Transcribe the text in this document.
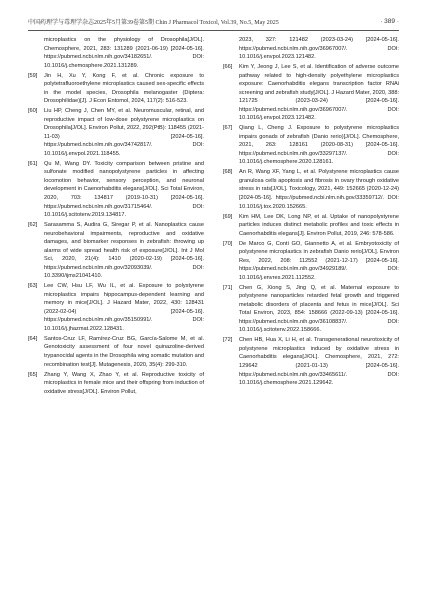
中国药理学与毒理学杂志2025年5月第39卷第5期 Chin J Pharmacol Toxicol, Vol.39, No.5, May 2025	· 389 ·
microplastics on the physiology of Drosophila[J/OL]. Chemosphere, 2021, 283: 131289 (2021-06-19) [2024-05-16]. https://pubmed.ncbi.nlm.nih.gov/34182651/. DOI: 10.1016/j.chemosphere.2021.131289.
[59] Jin H, Xu Y, Kong F, et al. Chronic exposure to polytetrafluoroethylene microplastics caused sex-specific effects in the model species, Drosophila melanogaster (Diptera: Drosophilidae)[J]. J Econ Entomol, 2024, 117(2): 516-523.
[60] Liu HP, Cheng J, Chen MY, et al. Neuromuscular, retinal, and reproductive impact of low-dose polystyrene microplastics on Drosophila[J/OL]. Environ Pollut, 2022, 292(PtB): 118455 (2021-11-03) [2024-05-16]. https://pubmed.ncbi.nlm.nih.gov/34742817/. DOI: 10.1016/j.envpol.2021.118455.
[61] Qu M, Wang DY. Toxicity comparison between pristine and sulfonate modified nanopolystyrene particles in affecting locomotion behavior, sensory perception, and neuronal development in Caenorhabditis elegans[J/OL]. Sci Total Environ, 2020, 703: 134817 (2019-10-31) [2024-05-16]. https://pubmed.ncbi.nlm.nih.gov/31715464/. DOI: 10.1016/j.scitotenv.2019.134817.
[62] Sarasamma S, Audira G, Siregar P, et al. Nanoplastics cause neurobehavioral impairments, reproductive and oxidative damages, and biomarker responses in zebrafish: throwing up alarms of wide spread health risk of exposure[J/OL]. Int J Mol Sci, 2020, 21(4): 1410 (2020-02-19) [2024-05-16]. https://pubmed.ncbi.nlm.nih.gov/32093039/. DOI: 10.3390/ijms21041410.
[63] Lee CW, Hsu LF, Wu IL, et al. Exposure to polystyrene microplastics impairs hippocampus-dependent learning and memory in mice[J/OL]. J Hazard Mater, 2022, 430: 128431 (2022-02-04) [2024-05-16]. https://pubmed.ncbi.nlm.nih.gov/35150991/. DOI: 10.1016/j.jhazmat.2022.128431.
[64] Santos-Cruz LF, Ramírez-Cruz BG, García-Salome M, et al. Genotoxicity assessment of four novel quinazoline-derived trypanocidal agents in the Drosophila wing somatic mutation and recombination test[J]. Mutagenesis, 2020, 35(4): 299-310.
[65] Zhang Y, Wang X, Zhao Y, et al. Reproductive toxicity of microplastics in female mice and their offspring from induction of oxidative stress[J/OL]. Environ Pollut,
2023, 327: 121482 (2023-03-24) [2024-05-16]. https://pubmed.ncbi.nlm.nih.gov/36967007/. DOI: 10.1016/j.envpol.2023.121482.
[66] Kim Y, Jeong J, Lee S, et al. Identification of adverse outcome pathway related to high-density polyethylene microplastics exposure: Caenorhabditis elegans transcription factor RNAi screening and zebrafish study[J/OL]. J Hazard Mater, 2020, 388: 121725 (2023-03-24) [2024-05-16]. https://pubmed.ncbi.nlm.nih.gov/36967007/. DOI: 10.1016/j.envpol.2023.121482.
[67] Qiang L, Cheng J. Exposure to polystyrene microplastics impairs gonads of zebrafish (Danio rerio)[J/OL]. Chemosphere, 2021, 263: 128161 (2020-08-31) [2024-05-16]. https://pubmed.ncbi.nlm.nih.gov/33297137/. DOI: 10.1016/j.chemosphere.2020.128161.
[68] An R, Wang XF, Yang L, et al. Polystyrene microplastics cause granulosa cells apoptosis and fibrosis in ovary through oxidative stress in rats[J/OL]. Toxicology, 2021, 449: 152665 (2020-12-24) [2024-05-16]. https://pubmed.ncbi.nlm.nih.gov/33359712/. DOI: 10.1016/j.tox.2020.152665.
[69] Kim HM, Lee DK, Long NP, et al. Uptake of nanopolystyrene particles induces distinct metabolic profiles and toxic effects in Caenorhabditis elegans[J]. Environ Pollut, 2019, 246: 578-586.
[70] De Marco G, Conti GO, Giannetto A, et al. Embryotoxicity of polystyrene microplastics in zebrafish Danio rerio[J/OL]. Environ Res, 2022, 208: 112552 (2021-12-17) [2024-05-16]. https://pubmed.ncbi.nlm.nih.gov/34929189/. DOI: 10.1016/j.envres.2021.112552.
[71] Chen G, Xiong S, Jing Q, et al. Maternal exposure to polystyrene nanoparticles retarded fetal growth and triggered metabolic disorders of placenta and fetus in mice[J/OL]. Sci Total Environ, 2023, 854: 158666 (2022-09-13) [2024-05-16]. https://pubmed.ncbi.nlm.nih.gov/36108837/. DOI: 10.1016/j.scitotenv.2022.158666.
[72] Chen HB, Hua X, Li H, et al. Transgenerational neurotoxicity of polystyrene microplastics induced by oxidative stress in Caenorhabditis elegans[J/OL]. Chemosphere, 2021, 272: 129642 (2021-01-13) [2024-05-16]. https://pubmed.ncbi.nlm.nih.gov/33465611/. DOI: 10.1016/j.chemosphere.2021.129642.
